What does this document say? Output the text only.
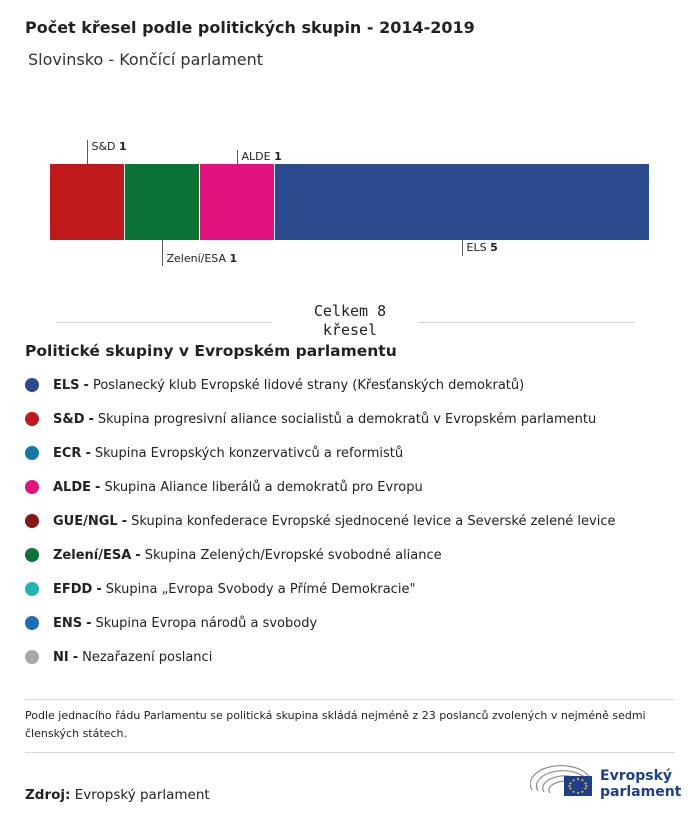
Počet křesel podle politických skupin - 2014-2019
Slovinsko - Končící parlament
S&D 1
Zelení/ESA 1
ALDE 1
ELS 5
Celkem 8
křesel
Politické skupiny v Evropském parlamentu
ELS - Poslanecký klub Evropské lidové strany (Křesťanských demokratů)
S&D - Skupina progresivní aliance socialistů a demokratů v Evropském parlamentu
ECR - Skupina Evropských konzervativců a reformistů
ALDE - Skupina Aliance liberálů a demokratů pro Evropu
GUE/NGL - Skupina konfederace Evropské sjednocené levice a Severské zelené levice
Zelení/ESA - Skupina Zelených/Evropské svobodné aliance
EFDD - Skupina „Evropa Svobody a Přímé Demokracie"
ENS - Skupina Evropa národů a svobody
NI - Nezařazení poslanci
Podle jednacího řádu Parlamentu se politická skupina skládá nejméně z 23 poslanců zvolených v nejméně sedmi členských státech.
Zdroj: Evropský parlament
Evropský
parlament
